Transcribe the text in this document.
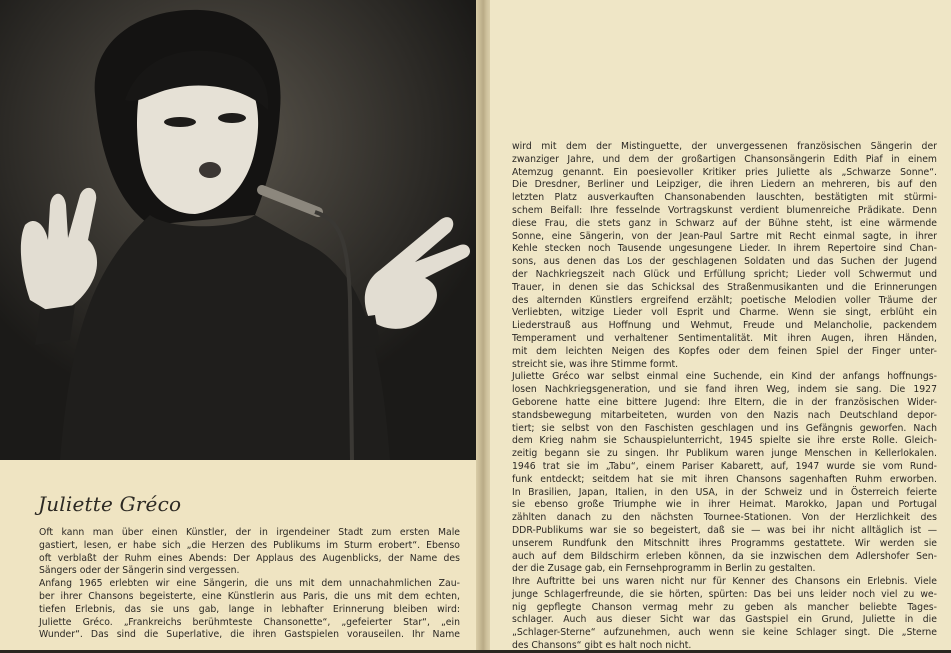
Juliette Gréco

Oft kann man über einen Künstler, der in irgendeiner Stadt zum ersten Male

gastiert, lesen, er habe sich „die Herzen des Publikums im Sturm erobert“. Ebenso

oft verblaßt der Ruhm eines Abends: Der Applaus des Augenblicks, der Name des

Sängers oder der Sängerin sind vergessen.

Anfang 1965 erlebten wir eine Sängerin, die uns mit dem unnachahmlichen Zau-

ber ihrer Chansons begeisterte, eine Künstlerin aus Paris, die uns mit dem echten,

tiefen Erlebnis, das sie uns gab, lange in lebhafter Erinnerung bleiben wird:

Juliette Gréco. „Frankreichs berühmteste Chansonette“, „gefeierter Star“, „ein

Wunder“. Das sind die Superlative, die ihren Gastspielen vorauseilen. Ihr Name

wird mit dem der Mistinguette, der unvergessenen französischen Sängerin der

zwanziger Jahre, und dem der großartigen Chansonsängerin Edith Piaf in einem

Atemzug genannt. Ein poesievoller Kritiker pries Juliette als „Schwarze Sonne“.

Die Dresdner, Berliner und Leipziger, die ihren Liedern an mehreren, bis auf den

letzten Platz ausverkauften Chansonabenden lauschten, bestätigten mit stürmi-

schem Beifall: Ihre fesselnde Vortragskunst verdient blumenreiche Prädikate. Denn

diese Frau, die stets ganz in Schwarz auf der Bühne steht, ist eine wärmende

Sonne, eine Sängerin, von der Jean-Paul Sartre mit Recht einmal sagte, in ihrer

Kehle stecken noch Tausende ungesungene Lieder. In ihrem Repertoire sind Chan-

sons, aus denen das Los der geschlagenen Soldaten und das Suchen der Jugend

der Nachkriegszeit nach Glück und Erfüllung spricht; Lieder voll Schwermut und

Trauer, in denen sie das Schicksal des Straßenmusikanten und die Erinnerungen

des alternden Künstlers ergreifend erzählt; poetische Melodien voller Träume der

Verliebten, witzige Lieder voll Esprit und Charme. Wenn sie singt, erblüht ein

Liederstrauß aus Hoffnung und Wehmut, Freude und Melancholie, packendem

Temperament und verhaltener Sentimentalität. Mit ihren Augen, ihren Händen,

mit dem leichten Neigen des Kopfes oder dem feinen Spiel der Finger unter-

streicht sie, was ihre Stimme formt.

Juliette Gréco war selbst einmal eine Suchende, ein Kind der anfangs hoffnungs-

losen Nachkriegsgeneration, und sie fand ihren Weg, indem sie sang. Die 1927

Geborene hatte eine bittere Jugend: Ihre Eltern, die in der französischen Wider-

standsbewegung mitarbeiteten, wurden von den Nazis nach Deutschland depor-

tiert; sie selbst von den Faschisten geschlagen und ins Gefängnis geworfen. Nach

dem Krieg nahm sie Schauspielunterricht, 1945 spielte sie ihre erste Rolle. Gleich-

zeitig begann sie zu singen. Ihr Publikum waren junge Menschen in Kellerlokalen.

1946 trat sie im „Tabu“, einem Pariser Kabarett, auf, 1947 wurde sie vom Rund-

funk entdeckt; seitdem hat sie mit ihren Chansons sagenhaften Ruhm erworben.

In Brasilien, Japan, Italien, in den USA, in der Schweiz und in Österreich feierte

sie ebenso große Triumphe wie in ihrer Heimat. Marokko, Japan und Portugal

zählten danach zu den nächsten Tournee-Stationen. Von der Herzlichkeit des

DDR-Publikums war sie so begeistert, daß sie — was bei ihr nicht alltäglich ist —

unserem Rundfunk den Mitschnitt ihres Programms gestattete. Wir werden sie

auch auf dem Bildschirm erleben können, da sie inzwischen dem Adlershofer Sen-

der die Zusage gab, ein Fernsehprogramm in Berlin zu gestalten.

Ihre Auftritte bei uns waren nicht nur für Kenner des Chansons ein Erlebnis. Viele

junge Schlagerfreunde, die sie hörten, spürten: Das bei uns leider noch viel zu we-

nig gepflegte Chanson vermag mehr zu geben als mancher beliebte Tages-

schlager. Auch aus dieser Sicht war das Gastspiel ein Grund, Juliette in die

„Schlager-Sterne“ aufzunehmen, auch wenn sie keine Schlager singt. Die „Sterne

des Chansons“ gibt es halt noch nicht.
